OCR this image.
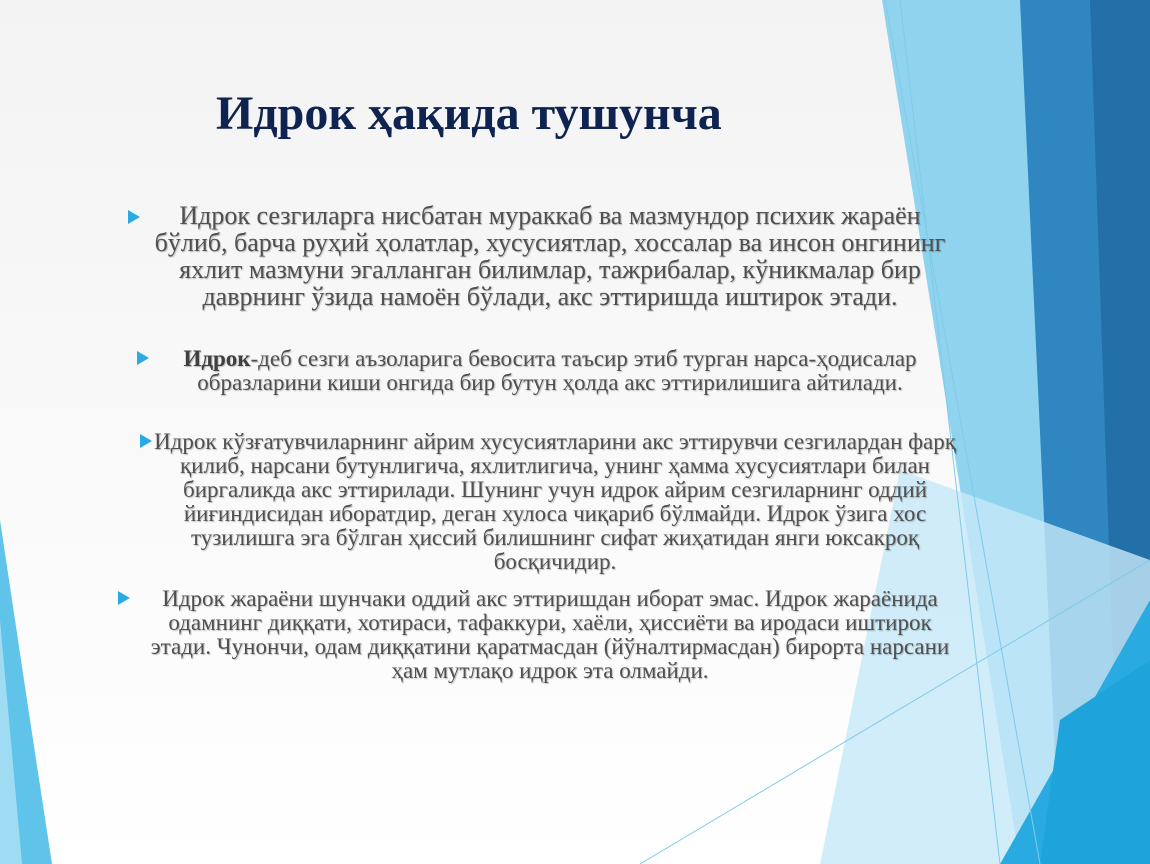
Идрок ҳақида тушунча

Идрок сезгиларга нисбатан мураккаб ва мазмундор психик жараён бўлиб, барча руҳий ҳолатлар, хусусиятлар, хоссалар ва инсон онгининг яхлит мазмуни эгалланган билимлар, тажрибалар, кўникмалар бир даврнинг ўзида намоён бўлади, акс эттиришда иштирок этади.

Идрок-деб сезги аъзоларига бевосита таъсир этиб турган нарса-ҳодисалар образларини киши онгида бир бутун ҳолда акс эттирилишига айтилади.

Идрок кўзғатувчиларнинг айрим хусусиятларини акс эттирувчи сезгилардан фарқ қилиб, нарсани бутунлигича, яхлитлигича, унинг ҳамма хусусиятлари билан биргаликда акс эттирилади. Шунинг учун идрок айрим сезгиларнинг оддий йиғиндисидан иборатдир, деган хулоса чиқариб бўлмайди. Идрок ўзига хос тузилишга эга бўлган ҳиссий билишнинг сифат жиҳатидан янги юксакроқ босқичидир.

Идрок жараёни шунчаки оддий акс эттиришдан иборат эмас. Идрок жараёнида одамнинг диққати, хотираси, тафаккури, хаёли, ҳиссиёти ва иродаси иштирок этади. Чунончи, одам диққатини қаратмасдан (йўналтирмасдан) бирорта нарсани ҳам мутлақо идрок эта олмайди.
